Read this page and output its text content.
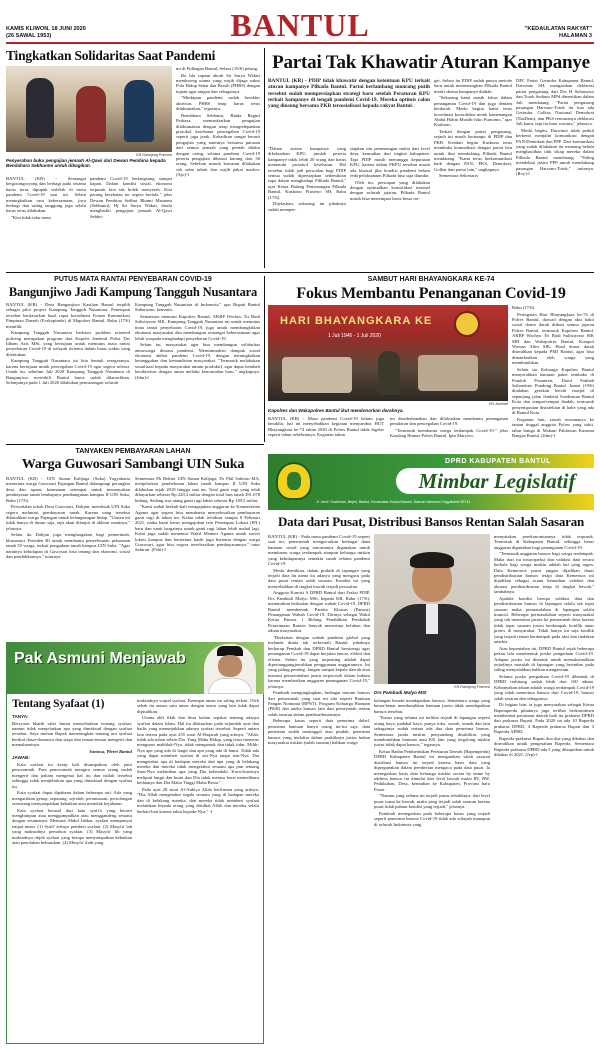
KAMIS KLIWON, 18 JUNI 2020
(26 SAWAL 1953)	BANTUL	"KEDAULATAN RAKYAT"
HALAMAN 3
Tingkatkan Solidaritas Saat Pandemi
KR-Rahajeng Pramesi
Penyerahan buku pengajian jemaah Al-Qawi dari Dewan Pembina kepada Bendahara Sebhunmi untuk dibagikan.

BANTUL (KR) - Semangat bergotongroyong dan berbagi pada sesama harus terus dipupuk terlebih di masa pandemi Covid-19 saat ini. Selain meningkatkan rasa kebersamaan, jiwa berbagi dan saling tanggung juga selalu harus terus dilakukan.

"Kita tidak tahu masa

pandemi Covid-19 berlangsung sampai kapan. Dalam kondisi sosial, ekonomi terpuruk kita tak boleh menyerah. Kita perang kesehatan ini segera berlalu," jelas Dewan Pembina Sedhur Bhumi Mataram (Sebhumi), Hj Sri Surya Widati, disela menghadiri pengajian jemaah Al-Qawi Sebhu-

mi di Pulbagna Bantul, Selasa (16/6) petang.

Bu Ida sapaan akrab Sri Surya Widati mendorong utama yang wajib dijaga yakni Pola Hidup Sehat dan Bersih (PHBS) dengan tujuan agar tangan dan sebagainya.

"Meskipun pandemi sudah berakhir aktivitas PHBS tetap harus terus dilaksanakan," tegasnya.

Bendahara Sebhumi, Rinda Baginf Perkasa, memanfaatkan pengajian dilaksanakan dengan tetap mengedepankan protokol kesehatan pencegahan Covid-19 seperti jaga jarak. Kehadiran sangat berarti pengajian yang nantinya bersama putusan dari semua jemaah yang pernah dilalui dengan orang, selama pandemi Covid-19 peserta pengajian dibatasi kurang dari 30 orang. Sebelum masuk kawasan dilakukan cek suhu tubuh dan wajib pakai masker. (Ajo)-f

Partai Tak Khawatir Aturan Kampanye

BANTUL (KR) - PDIP tidak khawatir dengan ketentuan KPU terkait aturan kampanye Pilkada Bantul. Partai berlambang moncong putih tersebut sudah mempersiapkan strategi baru setelah Peraturan KPU terkait kampanye di tengah pandemi Covid-19. Mereka optimis calon yang diusung bersama PKB tersosialisasi kepada rakyat Bantul.

"Dalam sistem kampanye yang dikeluarkan KPU, jumlah peserta kampanye tidak lebih 20 orang dan harus mematuhi protokol kesehatan. Hal tersebut tidak jadi persoalan bagi PDIP semua sudah dipersiapkan sedemikian rupa dalam menghadapi Pilkada Bantul," ujar Ketua Bidang Pemenangan Pilkada Bantul, Kusbono Prasetyo SH, Rabu (17/6).

Dijelaskan, sekarang ini pihaknya sudah memper-

siapkan tim pemenangan mulai dari level desa, kemudian dari tingkat kabupaten. Tapi PDIP masih menunggu keputusan KPU, karena dalam PKPU tersebut masih ada klausul jika kondisi pandemi belum reda pelaksanaan Pilkada bisa saja diundur.

Oleh itu, persiapan yang dilakukan dengan optimalkan konsolidasi internal dengan seluruh jajaran. Pilkada Bantul masih bisa menempati basis besar tar-

get. Selain itu PDIP sudah punya metode baru untuk memenangkan Pilkada Bantul meski skema kampanye diubah.

"Sekarang kami masih fokus dalam penanganan Covid-19 dan juga demam berdarah. Meski begitu kami terus koordinasi konsolidasi untuk kemenangan Abdul Halim Muslih-Joko Purnomo," ujar Kusbono.

Terkait dengan partai pengusung, sejauh ini masih bertumpu di PDIP dan PKB. Kendati begitu Kusbono terus membuka komunikasi dengan partai lain untuk ikut mendukung Pilkada Bantul mendatang. "Kami terus berkomunikasi baik dengan PAN, PKS, Demokrat, Golkar dan partai lain," ungkapnya.

Sementara Sekretaris

DPC Partai Gerindra Kabupaten Bantul, Darwinto SH, mengatakan deklarasi partai pengusung dari Drs H Suharsono dan Totok Sudarto MPd dimestikan dalam Juli mendatang. "Partai pengusung pasangan Harsono-Totok itu kan ada Gerindra, Golkar, Nasional Demokrat (NasDem), dan PKS rencananya deklarasi Juli kami, tapi itu baru wacana," jelasnya.

Meski begitu, Darwinto tidak peduli berhenti menjalin komunikasi dengan PAN-Demokrat dan PPP. Dari komunikasi yang sudah dilakukan itu memang belum menghasilkan titik sikap mereka dalam Pilkada Bantul mendatang. "Paling mendekati justru PPP untuk mendukung pasangan Harsono-Totok," tuturnya. (Roy)-f

PUTUS MATA RANTAI PENYEBARAN COVID-19
Bangunjiwo Jadi Kampung Tangguh Nusantara

BANTUL (KR) - Desa Bangunjiwo Kasihan Bantul terpilih sebagai pilot project Kampung Tangguh Nusantara. Penetapan tersebut berdasarkan hasil rapat koordinasi Forum Komunikasi Pimpinan Daerah (Forkopimda) di Mapolres Bantul, Rabu (17/6) memilih.

Kampung Tangguh Nusantara berbasis problem oriented policing merupakan program dari Kapolri Jenderal Polisi Drs Idham Azis MSi, yang bertujuan untuk memutus mata rantai penyebaran Covid-19 di wilayah tertentu dalam batas waktu yang ditentukan.

Kampung Tangguh Nusantara ini kita bentuk sesegeranya, karena bertujuan untuk pencegahan Covid-19 agar segera selesai. Untuk itu, sebelum Juli 2020 Kampung Tangguh Nusantara di Bangunjiwo mewakili Bantul harus sudah dilaunchkan. Selanjutnya pada 1 Juli 2020 dilakukan pencanangan seluruh

Kampung Tangguh Nusantara di Indonesia," ujar Bupati Bantul Suharsono, kemarin.

Semantara menurut Kapolres Bantul, AKBP Wachyu Tri Budi Sulistiyono SIK, Kampung Tangguh Nusantara ini untuk memutus mata rantai penyebaran Covid-19, juga untuk membangkitkan ekonomi masyarakat dan membangun semangat kebersamaan agar lebih waspada menghadapi penyebaran Covid-19.

Selain itu, masyarakat agar bisa membangun solidaritas antarwarga dimasa pandemi. Meminimalisir dampak sosial ekonomi akibat pandemi Covid-19, dengan meningkatkan ketangguhan dan kemandirian masyarakat. "Termasuk melakukan sosialisasi kepada masyarakat umum produktif, agar dapat kembali beraktivitas dengan aman melalui kenormalan baru," ungkapnya. (Jdm)-f

SAMBUT HARI BHAYANGKARA KE-74
Fokus Membantu Penanganan Covid-19
HARI BHAYANGKARA KE
1 Juli 1946 - 1 Juli 2020
KR-Jamhari
Kapolres dan Wakapolres Bantul ikut mendonorkan darahnya.

BANTUL (KR) - Masa pandemi Covid-19 belum juga berakhir, hal ini menyebabkan kegiatan menyambut HUT Bhayangkara ke-74 tahun 2020 di Polres Bantul tidak digelar seperti tahun sebelumnya. Kegiatan tahun

ini disederhanakan dan difokuskan membantu penanganan penularan dan pencegahan Covid-19.

"Termasuk membantu warga terdampak Covid-19," jelas Kasubag Humas Polres Bantul, Iptu Maryoto,

Rabu (17/6).

Peringatan Hari Bhayangkara ke-74 di Polres Bantul, diawali dengan aksi bakti sosial donor darah diikuti semua jajaran Polres Bantul, termasuk Kapolres Bantul, AKBP Wachyu Tri Budi Sulistiyono SIK MH dan Wakapolres Bantul, Kompol Wawan Alim SIK. Hasil donor darah diserahkan kepada PMI Bantul, agar bisa dimanfaatkan oleh warga yang membutuhkan.

Selain itu Keluarga Kapolres Bantul menyerahkan bantuan paket sembako di Pondok Pesantren, Darul Fatihah Srihardono Pundong Bantul. Jumat (19/6) diadakan gerakan bersih masjid di sepanjang jalan Jenderal Soedirman Bantul Kota dan tempat-tempat ibadah, termasuk penyemprotan disinfektan di halte yang ada di Bantul Kota.

Kegiatan lain, ziarah rencananya ke taman tinggal anggota Polres yang sakit, tabur bunga di Makam Pahlawan Kusuma Bangsa Bantul. (Jdm)-f

TANYAKEN PEMBAYARAN LAHAN
Warga Guwosari Sambangi UIN Suka

BANTUL (KR) - UIN Sunan Kalijaga (Suka) Yogyakarta menerima warga Guwosari Pajangan Bantul didampingi perangkat desa dan aparat keamanan setempat untuk menanyakan pembayaran tanah lembapnya pembangunan kampus II UIN Suka, Rabu (17/6).

Perwakilan tokoh Desa Guwosari, Dalijan, mendesak UIN Suka segera melunasi pembayaran tanah. Karena uang tersebut dibutuhkan warga Pajangan untuk kelangsungan hidup. "Uraian ini tidak hanya di dusun saja, tapi akan dilanjut di akhirat nantinya," jelasnya.

Selain itu Dalijan juga menghargakan bagi pemerintah, khususnya Presiden RI untuk membantu penyelesaian pelunasan tanah 50 warga, terkait pengadaan tanah kampus UIN Suka. "Agar nantinya kehidupan di Guwosari bisa tenang dan ekonomi, sosial dan pendidikannya," tuturnya.

Sementara Plt Rektor UIN Sunan Kalijaga, Dr Phil Sahiron MA, menjelaskan pembebasan lahan tanah kampus II UIN Suka dilakukan sejak 2018 hingga saat ini. Total ganti rugi yang telah dibayarkan sebesar Rp 220,3 miliar dengan total luas tanah 491.678 bidang. Sedang sisa utang ganti rugi lahan sebesar Rp 149,5 miliar.

"Kami sudah berkali-kali mengajukan anggaran ke Kementerian Agama agar segera bisa membantu menyelesaikan pembayaran ganti rugi di tahun ini. Kalau tidak terlaksur sampai 8 Februari 2021, maka kami harus mengajukan izin Penetapan Lokasi (IPL) baru dan nanti hargainya untuk ganti rugi lahan lebih mahal lagi. Kami juga sudah menemui Wakil Menteri Agama untuk survei lokasi kampus dan berterima kasih juga bertemu dengan warga Guwosari, agar bisa segera terselesaikan pembayarannya," tutur Sahiron. (Febi)-f

DPRD KABUPATEN BANTUL
Mimbar Legislatif
Jl. Jend. Sudirman, Bejen, Bantul, Kecamatan Bantul Bantul, Daerah Istimewa Yogyakarta 55711
Data dari Pusat, Distribusi Bansos Rentan Salah Sasaran

BANTUL (KR) - Pada masa pandemi Covid-19 seperti saat ini, pemerintah mengucurkan berbagai dana bantuan sosial yang rencananya digunakan untuk membantu warga terdampak ataupun keluarga miskin yang kehidupannya semakin susah selama pandemi Covid-19.

Meski demikian, dalam praktik di lapangan yang terjadi data itu nama itu adanya yang mengacu pada data pusat rentan salah sasaran. Kondisi ini yang menyebabkan di tingkat bawah terjadi persoalan.

Anggota Komisi A DPRD Bantul dari Fraksi PDIP, Drs Pambudi Mulyo MSi, kepada KR, Rabu (17/6), menuturkan berkaitan dengan wabah Covid-19, DPRD Bantul membentuk Panitia Khusus (Pansus) Penanganan Wabah Covid-19. Dirinya sebagai Wakil Ketua Pansus 1 Bidang Pendidikan Penduduk Penerimaan Bansos banyak menerima keluhan dan aduan masyarakat.

"Berkaitan dengan wabah pandemi global yang melanda dunia tak terkecuali Bantul, pihaknya berharap Pemkab dan DPRD Bantul bersinergi agar penanganan Covid-19 dapat berjalan lancar, efektif dan efisien. Selain itu yang terpenting adalah dapat dipertanggungjawabkan penggunaan anggarannya. Ini yang paling penting. Jangan sampai kepala daerah atau instansi pemerintahan justru terperosok dalam hukum karena memberikan anggaran penanganan Covid-19," jelasnya.

Pambudi mengungkapkan, berbagai macam bansos dari pemerintah yang saat ini ada seperti Bantuan Pangan Nontunai (BPNT), Program Keluarga Harapan (PKH) dan aneka bansos lain dari pemerintah rentan salah sasaran dalam pendistribusiannya.

Beberapa kasus seperti data penerima dobel, penerima bantuan hanya orang itu-itu saja, data penerima sudah meninggal atau pindah, penerima bansos yang terdaftar dalam praktiknya justru bukan masyarakat miskin (salah sasaran) bahkan warga

KR-Rahajeng Pramesi
Drs Pambudi Mulyo MSI

kalangan berada mendapatkan bansos. Sementara warga yang benar-benar membutuhkan bantuan justru tidak mendapatkan bansos tersebut.

"Kasus yang selama ini terlihat terjadi di lapangan seperti orang kaya, padahal kaya, punya toko, sawah, ternak dan lain sebagainya sudah terima ada dua data penerima bansos. Sementara janda miskin, penyandang disabilitas yang membutuhkan bantuan atau KK lain yang tergolong miskin justru tidak dapat bansos," tegasnya.

Ketua Badan Pembentukan Peraturan Daerah (Bapemperda) DPRD Kabupaten Bantul ini mengatakan salah sasaran distribusi bansos ini terjadi karena basis data yang dipergunakan dalam pemberian mengacu pada data pusat. Ia menegaskan basis data keluarga miskin secara by name by address bansos ini dimulai dari level bawah mulai RT, RW, Pedukuhan, Desa, kemudian ke Kabupaten, Provinsi baru Pusat.

"Namun yang selama ini terjadi justru sebaliknya, dari level pusat turun ke bawah, maka yang terjadi salah sasaran karena pusat tidak paham kondisi yang terjadi," jelasnya.

Pambudi menegaskan pada beberapa kasus yang terjadi seperti penerima bansos Covid-19 tidak ada wilayah manapun di seluruh Indonesia yang

menyatakan perekonomiannya tidak terpuruk. Termasuk di Kabupaten Bantul, sehingga besar anggaran digunakan bagi penanganan Covid-19.

"Termasuk anggaran bansos bagi warga terdampak. Maka dari itu instrospeksi dan validasi data secara berkala bagi warga miskin adalah hal yang urgen. Data Kemensos pusat jangan dijadikan dasar pendistribusian bansos tetapi data Kemensos ini dijadikan sebagai acuan kemudian validasi dan akurasi pendistribusian tetap di tingkat bawah," tambahnya.

Apabila kondisi berupa validasi data dan pendistribusian bansos di lapangan selalu tak tepat sasaran maka permasalahan di lapangan selalu muncul. Beberapa permasalahan seperti masyarakat yang tak menerima protes ke pemerintah desa karena tidak tepat sasaran justru berdampak konflik antar protes di masyarakat. Tidak hanya itu saja konflik yang terjadi rentan berdampak pada aksi dan tindakan anarkis.

Atas kepentahan ini, DPRD Bantul sejak beberapa pekan lalu membentuk posko pengaduan Covid-19. Adapun posko ini ditentuk untuk memaksimalkan terjadinya masalah di lapangan yang berimbas pada saling menyalahkan bahkan mengancam.

Selama posko pengaduan Covid-19 dibentuk di DPRD terhitung sudah lebih dari 100 aduan. Kebanyakan aduan adalah warga terdampak Covid-19 yang tidak menerima bansos dari Covid-19, bansos salah sasaran dan sebagainya.

Di bagian lain, ia juga menyatakan sebagai Ketua Bapemperda pihaknya juga terlibat berkomitmen membentuk peraturan daerah baik itu prakarsa DPRD dan prakarsa Bupati. Pada 2020 ini ada 10 Raperda prakarsa DPRD, 4 Raperda prakarsa Bupati dan 3 Raperda APBD.

Raperda prakarsa Bupati dua dua yang dibahas dan diserahkan untuk pengesahan Raperda. Sementara Raperda prakarsa DPRD ada 5 yang dilanjutkan untuk dibahas di 2021. (Jep)-f

Pak Asmuni Menjawab
Tentang Syafaat (1)

TANYA:

Bersyarat khatib salat Jumat menyebutkan tentang syafaat, namun tidak menjelaskan apa yang dimaksud dengan syafaat tersebut. Saya mohon Bapak menerangkan tentang arti syafaat berikut dasar-dasarnya dan siapa dan teman-teman mengerti dan memahaminya.

Santosa, Pleret Bantul

JAWAB:

Kata syafaat itu kerap kali disampaikan oleh para penceramah. Para penceramah mengira semua orang sudah mengerti dan paham mengenai hal itu dan istilah tersebut sehingga tidak menjelaskan apa yang dimaksud dengan syafaat itu.

Kata syafaat dapat dipahami dalam beberapa arti. Ada yang mengartikan genap, sepasang, sejodoh, perantaraan, pertolongan seseorang menyampaikan kebaikan atau menolak kejahatan.

Kata syafaat berasal dari kata syafi'a yang berarti menghimpun atau menggumpulkan atau menggandeng sesuatu dengan sesamanya. Menurut Abdul Jabbar, syafaat mempunyai empat unsur. (1) Syafi' artinya pemberi syafaat. (2) Masyfu' lah yang maksudnya pemohon syafaat. (3) Masyfu' fih yang maksudnya objek syafaat yang berupa menyampaikan kebaikan atau penolakan keburukan. (4) Masyfu' ilaih yang

maksudnya wujud syafaat. Keempat unsur itu saling terkait. Oleh sebab itu antara satu unsur dengan unsur yang lain tidak dapat dipisahkan.

Ulama ahli fikih dan ilmu kalam sepakat tentang adanya syafaat dalam Islam. Hal itu didasarkan pada sejumlah ayat dan hadis yang menunjukkan adanya syafaat tersebut. Seperti antara lain tertera pada ayat 255 surat Al-Baqarah yang artinya, "Allah, tidak ada tuhan selain Dia. Yang Maha Hidup, yang terus menerus mengurus makhluk-Nya, tidak mengantuk dan tidak tidur. Milik-Nya apa yang ada di langit dan apa yang ada di bumi. Tidak ada yang dapat memberi syafaat di sisi-Nya tanpa izin-Nya. Dia mengetahui apa di hadapan mereka dan apa yang di belakang mereka dan mereka tidak mengetahui sesuatu apa pun tentang ilmu-Nya melainkan apa yang Dia kehendaki. Kursi-kursinya meliputi langit dan bumi dan Dia tidak merasa berat memelihara keduanya dan Dia Maha Tinggi Maha Besar."

Pada ayat 28 surat Al-Anbiya Allah berfirman yang artinya, "Dia Allah mengetahui segala sesuatu yang di hadapan mereka dan di belakang mereka, dan mereka tidak memberi syafaat melainkan kepada orang yang diridhai Allah dan mereka selalu berhati-hati karena takut kepada-Nya." -f
